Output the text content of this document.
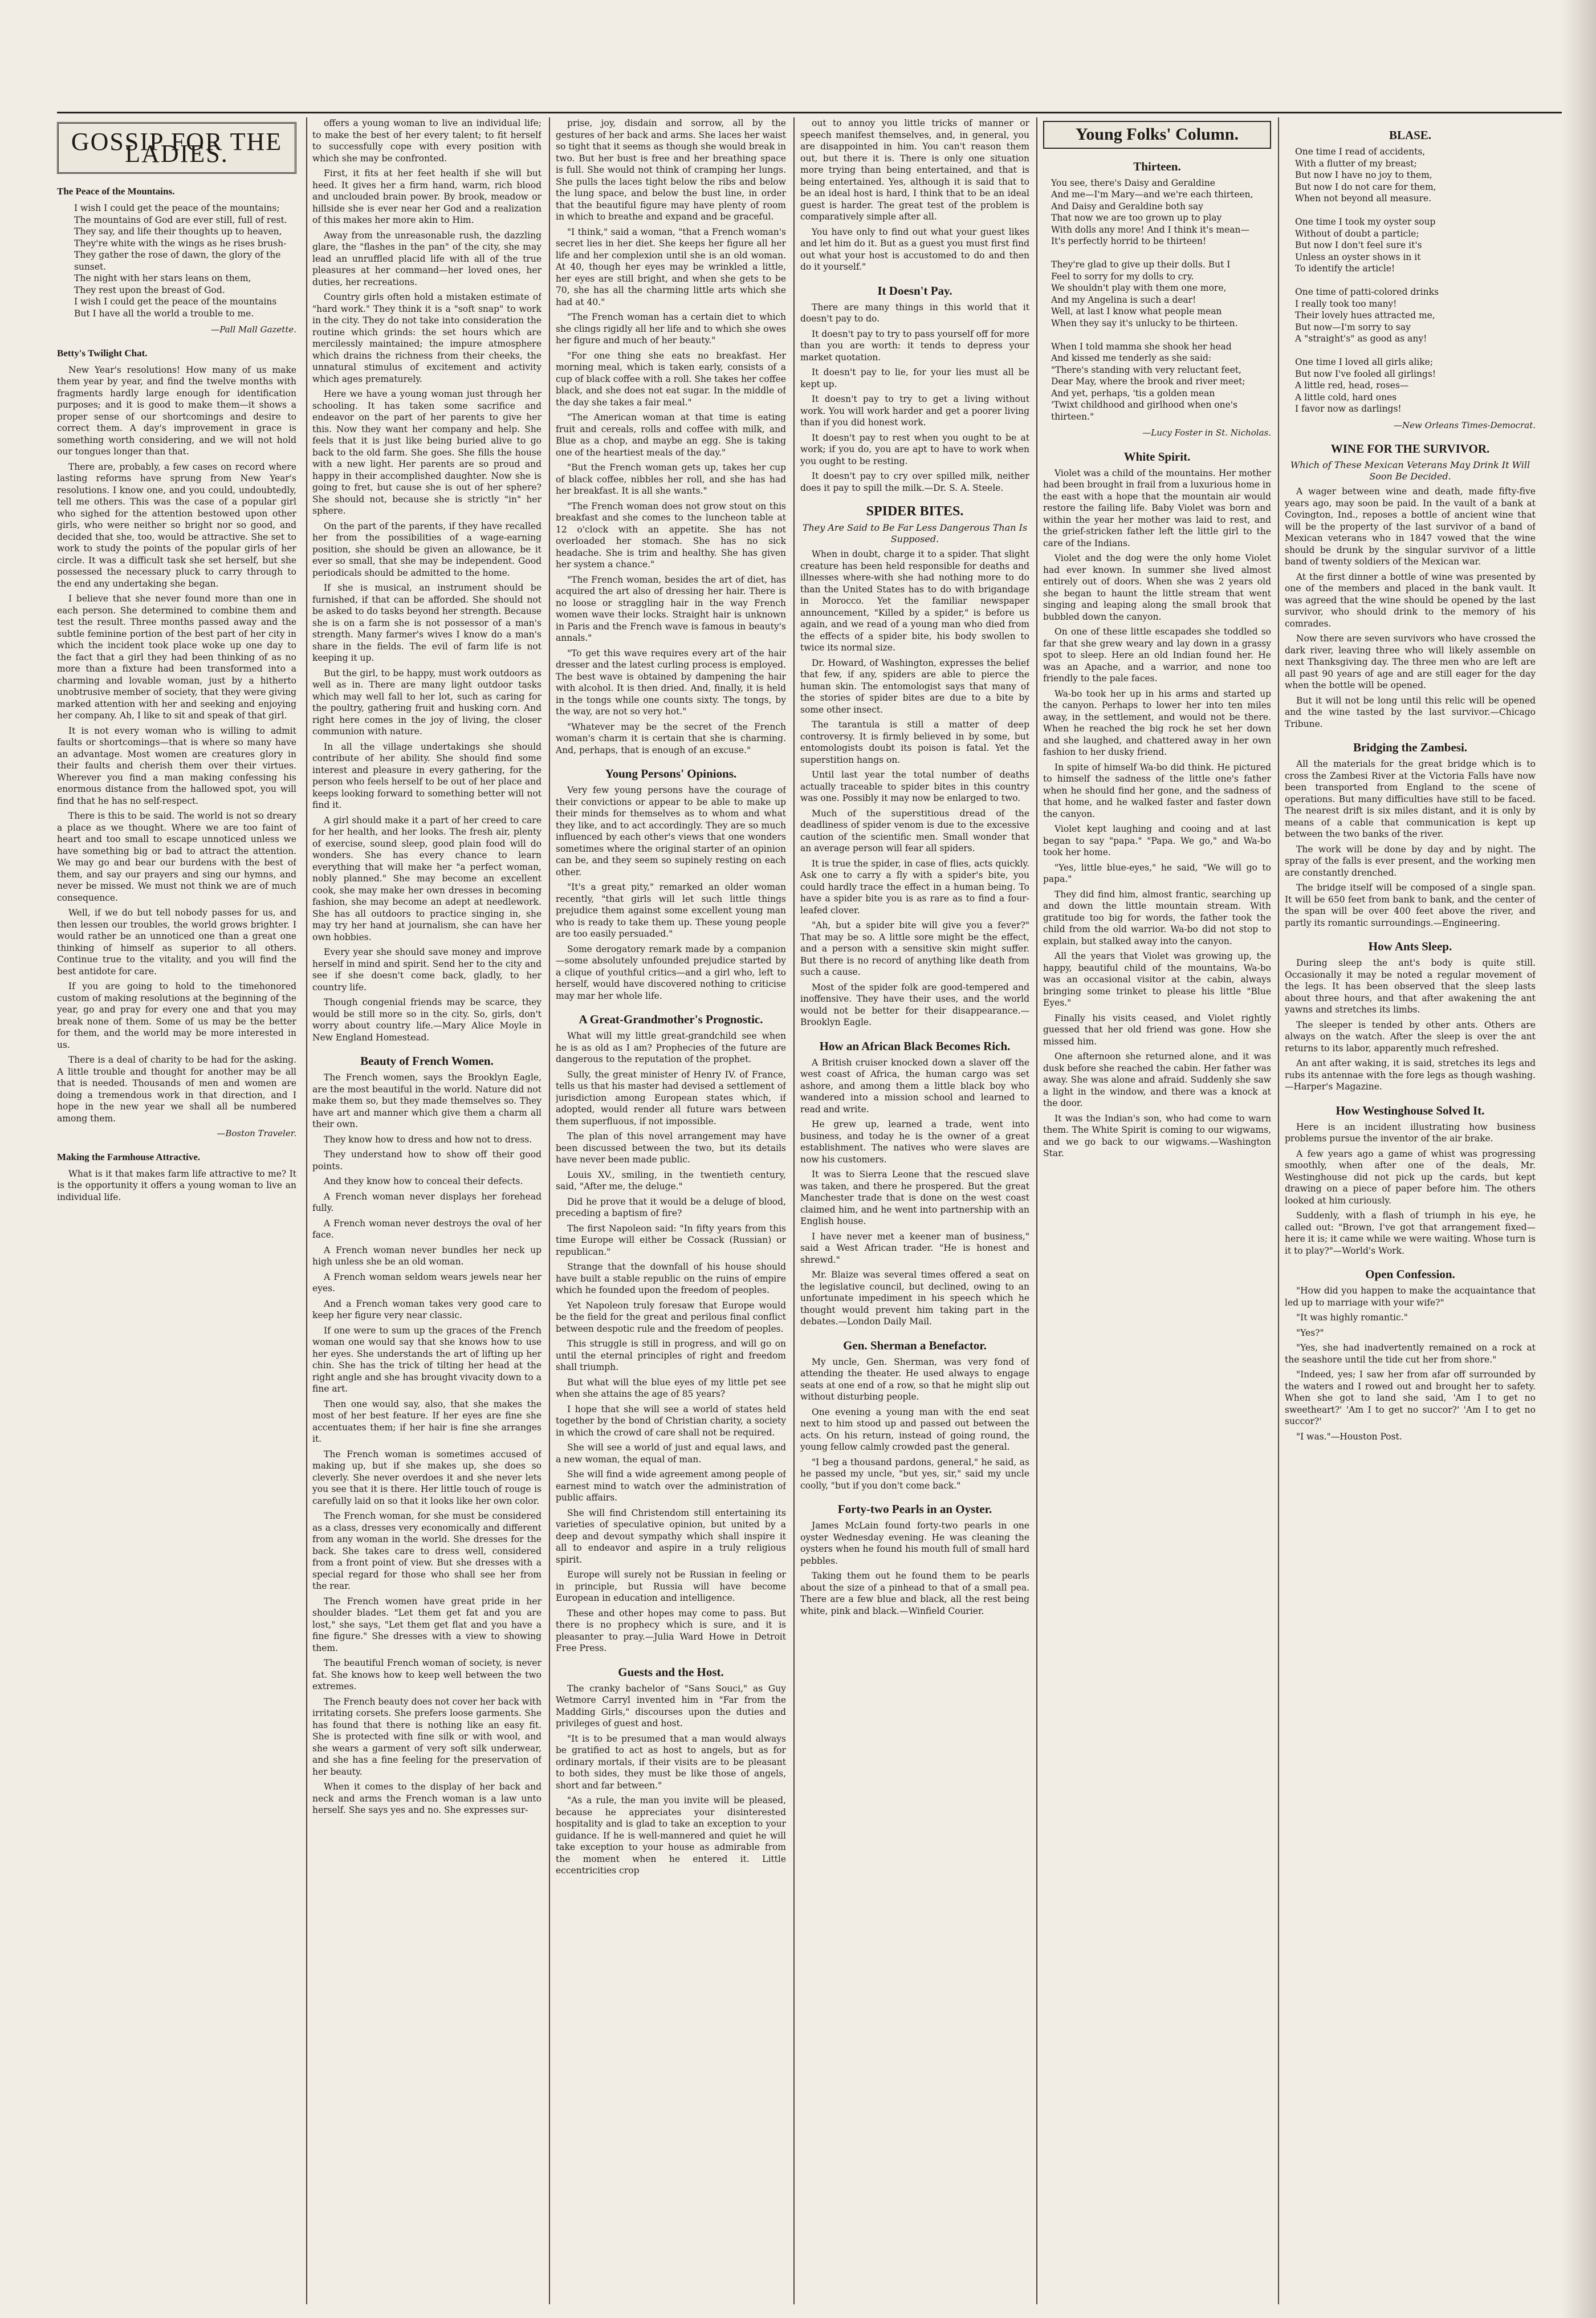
GOSSIP FOR THE LADIES.
The Peace of the Mountains.
I wish I could get the peace of the mountains;
The mountains of God are ever still, full of rest.
They say, and life their thoughts up to heaven,
They're white with the wings as he rises brush-
They gather the rose of dawn, the glory of the sunset.
The night with her stars leans on them,
They rest upon the breast of God.
I wish I could get the peace of the mountains
But I have all the world a trouble to me.
—Pall Mall Gazette.
Betty's Twilight Chat.

New Year's resolutions! How many of us make them year by year, and find the twelve months with fragments hardly large enough for identification purposes; and it is good to make them—it shows a proper sense of our shortcomings and desire to correct them. A day's improvement in grace is something worth considering, and we will not hold our tongues longer than that.

There are, probably, a few cases on record where lasting reforms have sprung from New Year's resolutions. I know one, and you could, undoubtedly, tell me others. This was the case of a popular girl who sighed for the attention bestowed upon other girls, who were neither so bright nor so good, and decided that she, too, would be attractive. She set to work to study the points of the popular girls of her circle. It was a difficult task she set herself, but she possessed the necessary pluck to carry through to the end any undertaking she began.

I believe that she never found more than one in each person. She determined to combine them and test the result. Three months passed away and the subtle feminine portion of the best part of her city in which the incident took place woke up one day to the fact that a girl they had been thinking of as no more than a fixture had been transformed into a charming and lovable woman, just by a hitherto unobtrusive member of society, that they were giving marked attention with her and seeking and enjoying her company. Ah, I like to sit and speak of that girl.

It is not every woman who is willing to admit faults or shortcomings—that is where so many have an advantage. Most women are creatures glory in their faults and cherish them over their virtues. Wherever you find a man making confessing his enormous distance from the hallowed spot, you will find that he has no self-respect.

There is this to be said. The world is not so dreary a place as we thought. Where we are too faint of heart and too small to escape unnoticed unless we have something big or bad to attract the attention. We may go and bear our burdens with the best of them, and say our prayers and sing our hymns, and never be missed. We must not think we are of much consequence.

Well, if we do but tell nobody passes for us, and then lessen our troubles, the world grows brighter. I would rather be an unnoticed one than a great one thinking of himself as superior to all others. Continue true to the vitality, and you will find the best antidote for care.

If you are going to hold to the timehonored custom of making resolutions at the beginning of the year, go and pray for every one and that you may break none of them. Some of us may be the better for them, and the world may be more interested in us.

There is a deal of charity to be had for the asking. A little trouble and thought for another may be all that is needed. Thousands of men and women are doing a tremendous work in that direction, and I hope in the new year we shall all be numbered among them.

—Boston Traveler.
Making the Farmhouse Attractive.

What is it that makes farm life attractive to me? It is the opportunity it offers a young woman to live an individual life.

offers a young woman to live an individual life; to make the best of her every talent; to fit herself to successfully cope with every position with which she may be confronted.

First, it fits at her feet health if she will but heed. It gives her a firm hand, warm, rich blood and unclouded brain power. By brook, meadow or hillside she is ever near her God and a realization of this makes her more akin to Him.

Away from the unreasonable rush, the dazzling glare, the "flashes in the pan" of the city, she may lead an unruffled placid life with all of the true pleasures at her command—her loved ones, her duties, her recreations.

Country girls often hold a mistaken estimate of "hard work." They think it is a "soft snap" to work in the city. They do not take into consideration the routine which grinds: the set hours which are mercilessly maintained; the impure atmosphere which drains the richness from their cheeks, the unnatural stimulus of excitement and activity which ages prematurely.

Here we have a young woman just through her schooling. It has taken some sacrifice and endeavor on the part of her parents to give her this. Now they want her company and help. She feels that it is just like being buried alive to go back to the old farm. She goes. She fills the house with a new light. Her parents are so proud and happy in their accomplished daughter. Now she is going to fret, but cause she is out of her sphere? She should not, because she is strictly "in" her sphere.

On the part of the parents, if they have recalled her from the possibilities of a wage-earning position, she should be given an allowance, be it ever so small, that she may be independent. Good periodicals should be admitted to the home.

If she is musical, an instrument should be furnished, if that can be afforded. She should not be asked to do tasks beyond her strength. Because she is on a farm she is not possessor of a man's strength. Many farmer's wives I know do a man's share in the fields. The evil of farm life is not keeping it up.

But the girl, to be happy, must work outdoors as well as in. There are many light outdoor tasks which may well fall to her lot, such as caring for the poultry, gathering fruit and husking corn. And right here comes in the joy of living, the closer communion with nature.

In all the village undertakings she should contribute of her ability. She should find some interest and pleasure in every gathering, for the person who feels herself to be out of her place and keeps looking forward to something better will not find it.

A girl should make it a part of her creed to care for her health, and her looks. The fresh air, plenty of exercise, sound sleep, good plain food will do wonders. She has every chance to learn everything that will make her "a perfect woman, nobly planned." She may become an excellent cook, she may make her own dresses in becoming fashion, she may become an adept at needlework. She has all outdoors to practice singing in, she may try her hand at journalism, she can have her own hobbies.

Every year she should save money and improve herself in mind and spirit. Send her to the city and see if she doesn't come back, gladly, to her country life.

Though congenial friends may be scarce, they would be still more so in the city. So, girls, don't worry about country life.—Mary Alice Moyle in New England Homestead.

Beauty of French Women.

The French women, says the Brooklyn Eagle, are the most beautiful in the world. Nature did not make them so, but they made themselves so. They have art and manner which give them a charm all their own.

They know how to dress and how not to dress.

They understand how to show off their good points.

And they know how to conceal their defects.

A French woman never displays her forehead fully.

A French woman never destroys the oval of her face.

A French woman never bundles her neck up high unless she be an old woman.

A French woman seldom wears jewels near her eyes.

And a French woman takes very good care to keep her figure very near classic.

If one were to sum up the graces of the French woman one would say that she knows how to use her eyes. She understands the art of lifting up her chin. She has the trick of tilting her head at the right angle and she has brought vivacity down to a fine art.

Then one would say, also, that she makes the most of her best feature. If her eyes are fine she accentuates them; if her hair is fine she arranges it.

The French woman is sometimes accused of making up, but if she makes up, she does so cleverly. She never overdoes it and she never lets you see that it is there. Her little touch of rouge is carefully laid on so that it looks like her own color.

The French woman, for she must be considered as a class, dresses very economically and different from any woman in the world. She dresses for the back. She takes care to dress well, considered from a front point of view. But she dresses with a special regard for those who shall see her from the rear.

The French women have great pride in her shoulder blades. "Let them get fat and you are lost," she says, "Let them get flat and you have a fine figure." She dresses with a view to showing them.

The beautiful French woman of society, is never fat. She knows how to keep well between the two extremes.

The French beauty does not cover her back with irritating corsets. She prefers loose garments. She has found that there is nothing like an easy fit. She is protected with fine silk or with wool, and she wears a garment of very soft silk underwear, and she has a fine feeling for the preservation of her beauty.

When it comes to the display of her back and neck and arms the French woman is a law unto herself. She says yes and no. She expresses sur-

prise, joy, disdain and sorrow, all by the gestures of her back and arms. She laces her waist so tight that it seems as though she would break in two. But her bust is free and her breathing space is full. She would not think of cramping her lungs. She pulls the laces tight below the ribs and below the lung space, and below the bust line, in order that the beautiful figure may have plenty of room in which to breathe and expand and be graceful.

"I think," said a woman, "that a French woman's secret lies in her diet. She keeps her figure all her life and her complexion until she is an old woman. At 40, though her eyes may be wrinkled a little, her eyes are still bright, and when she gets to be 70, she has all the charming little arts which she had at 40."

"The French woman has a certain diet to which she clings rigidly all her life and to which she owes her figure and much of her beauty."

"For one thing she eats no breakfast. Her morning meal, which is taken early, consists of a cup of black coffee with a roll. She takes her coffee black, and she does not eat sugar. In the middle of the day she takes a fair meal."

"The American woman at that time is eating fruit and cereals, rolls and coffee with milk, and Blue as a chop, and maybe an egg. She is taking one of the heartiest meals of the day."

"But the French woman gets up, takes her cup of black coffee, nibbles her roll, and she has had her breakfast. It is all she wants."

"The French woman does not grow stout on this breakfast and she comes to the luncheon table at 12 o'clock with an appetite. She has not overloaded her stomach. She has no sick headache. She is trim and healthy. She has given her system a chance."

"The French woman, besides the art of diet, has acquired the art also of dressing her hair. There is no loose or straggling hair in the way French women wave their locks. Straight hair is unknown in Paris and the French wave is famous in beauty's annals."

"To get this wave requires every art of the hair dresser and the latest curling process is employed. The best wave is obtained by dampening the hair with alcohol. It is then dried. And, finally, it is held in the tongs while one counts sixty. The tongs, by the way, are not so very hot."

"Whatever may be the secret of the French woman's charm it is certain that she is charming. And, perhaps, that is enough of an excuse."

Young Persons' Opinions.

Very few young persons have the courage of their convictions or appear to be able to make up their minds for themselves as to whom and what they like, and to act accordingly. They are so much influenced by each other's views that one wonders sometimes where the original starter of an opinion can be, and they seem so supinely resting on each other.

"It's a great pity," remarked an older woman recently, "that girls will let such little things prejudice them against some excellent young man who is ready to take them up. These young people are too easily persuaded."

Some derogatory remark made by a companion—some absolutely unfounded prejudice started by a clique of youthful critics—and a girl who, left to herself, would have discovered nothing to criticise may mar her whole life.

A Great-Grandmother's Prognostic.

What will my little great-grandchild see when he is as old as I am? Prophecies of the future are dangerous to the reputation of the prophet.

Sully, the great minister of Henry IV. of France, tells us that his master had devised a settlement of jurisdiction among European states which, if adopted, would render all future wars between them superfluous, if not impossible.

The plan of this novel arrangement may have been discussed between the two, but its details have never been made public.

Louis XV., smiling, in the twentieth century, said, "After me, the deluge."

Did he prove that it would be a deluge of blood, preceding a baptism of fire?

The first Napoleon said: "In fifty years from this time Europe will either be Cossack (Russian) or republican."

Strange that the downfall of his house should have built a stable republic on the ruins of empire which he founded upon the freedom of peoples.

Yet Napoleon truly foresaw that Europe would be the field for the great and perilous final conflict between despotic rule and the freedom of peoples.

This struggle is still in progress, and will go on until the eternal principles of right and freedom shall triumph.

But what will the blue eyes of my little pet see when she attains the age of 85 years?

I hope that she will see a world of states held together by the bond of Christian charity, a society in which the crowd of care shall not be required.

She will see a world of just and equal laws, and a new woman, the equal of man.

She will find a wide agreement among people of earnest mind to watch over the administration of public affairs.

She will find Christendom still entertaining its varieties of speculative opinion, but united by a deep and devout sympathy which shall inspire it all to endeavor and aspire in a truly religious spirit.

Europe will surely not be Russian in feeling or in principle, but Russia will have become European in education and intelligence.

These and other hopes may come to pass. But there is no prophecy which is sure, and it is pleasanter to pray.—Julia Ward Howe in Detroit Free Press.

Guests and the Host.

The cranky bachelor of "Sans Souci," as Guy Wetmore Carryl invented him in "Far from the Madding Girls," discourses upon the duties and privileges of guest and host.

"It is to be presumed that a man would always be gratified to act as host to angels, but as for ordinary mortals, if their visits are to be pleasant to both sides, they must be like those of angels, short and far between."

"As a rule, the man you invite will be pleased, because he appreciates your disinterested hospitality and is glad to take an exception to your guidance. If he is well-mannered and quiet he will take exception to your house as admirable from the moment when he entered it. Little eccentricities crop

out to annoy you little tricks of manner or speech manifest themselves, and, in general, you are disappointed in him. You can't reason them out, but there it is. There is only one situation more trying than being entertained, and that is being entertained. Yes, although it is said that to be an ideal host is hard, I think that to be an ideal guest is harder. The great test of the problem is comparatively simple after all.

You have only to find out what your guest likes and let him do it. But as a guest you must first find out what your host is accustomed to do and then do it yourself."

It Doesn't Pay.

There are many things in this world that it doesn't pay to do.

It doesn't pay to try to pass yourself off for more than you are worth: it tends to depress your market quotation.

It doesn't pay to lie, for your lies must all be kept up.

It doesn't pay to try to get a living without work. You will work harder and get a poorer living than if you did honest work.

It doesn't pay to rest when you ought to be at work; if you do, you are apt to have to work when you ought to be resting.

It doesn't pay to cry over spilled milk, neither does it pay to spill the milk.—Dr. S. A. Steele.

SPIDER BITES.
They Are Said to Be Far Less Dangerous Than Is Supposed.

When in doubt, charge it to a spider. That slight creature has been held responsible for deaths and illnesses where-with she had nothing more to do than the United States has to do with brigandage in Morocco. Yet the familiar newspaper announcement, "Killed by a spider," is before us again, and we read of a young man who died from the effects of a spider bite, his body swollen to twice its normal size.

Dr. Howard, of Washington, expresses the belief that few, if any, spiders are able to pierce the human skin. The entomologist says that many of the stories of spider bites are due to a bite by some other insect.

The tarantula is still a matter of deep controversy. It is firmly believed in by some, but entomologists doubt its poison is fatal. Yet the superstition hangs on.

Until last year the total number of deaths actually traceable to spider bites in this country was one. Possibly it may now be enlarged to two.

Much of the superstitious dread of the deadliness of spider venom is due to the excessive caution of the scientific men. Small wonder that an average person will fear all spiders.

It is true the spider, in case of flies, acts quickly. Ask one to carry a fly with a spider's bite, you could hardly trace the effect in a human being. To have a spider bite you is as rare as to find a four-leafed clover.

"Ah, but a spider bite will give you a fever?" That may be so. A little sore might be the effect, and a person with a sensitive skin might suffer. But there is no record of anything like death from such a cause.

Most of the spider folk are good-tempered and inoffensive. They have their uses, and the world would not be better for their disappearance.—Brooklyn Eagle.

How an African Black Becomes Rich.

A British cruiser knocked down a slaver off the west coast of Africa, the human cargo was set ashore, and among them a little black boy who wandered into a mission school and learned to read and write.

He grew up, learned a trade, went into business, and today he is the owner of a great establishment. The natives who were slaves are now his customers.

It was to Sierra Leone that the rescued slave was taken, and there he prospered. But the great Manchester trade that is done on the west coast claimed him, and he went into partnership with an English house.

I have never met a keener man of business," said a West African trader. "He is honest and shrewd."

Mr. Blaize was several times offered a seat on the legislative council, but declined, owing to an unfortunate impediment in his speech which he thought would prevent him taking part in the debates.—London Daily Mail.

Gen. Sherman a Benefactor.

My uncle, Gen. Sherman, was very fond of attending the theater. He used always to engage seats at one end of a row, so that he might slip out without disturbing people.

One evening a young man with the end seat next to him stood up and passed out between the acts. On his return, instead of going round, the young fellow calmly crowded past the general.

"I beg a thousand pardons, general," he said, as he passed my uncle, "but yes, sir," said my uncle coolly, "but if you don't come back."

Forty-two Pearls in an Oyster.

James McLain found forty-two pearls in one oyster Wednesday evening. He was cleaning the oysters when he found his mouth full of small hard pebbles.

Taking them out he found them to be pearls about the size of a pinhead to that of a small pea. There are a few blue and black, all the rest being white, pink and black.—Winfield Courier.

Young Folks' Column.
Thirteen.
You see, there's Daisy and Geraldine
And me—I'm Mary—and we're each thirteen,
And Daisy and Geraldine both say
That now we are too grown up to play
With dolls any more! And I think it's mean—
It's perfectly horrid to be thirteen!

They're glad to give up their dolls. But I
Feel to sorry for my dolls to cry.
We shouldn't play with them one more,
And my Angelina is such a dear!
Well, at last I know what people mean
When they say it's unlucky to be thirteen.

When I told mamma she shook her head
And kissed me tenderly as she said:
"There's standing with very reluctant feet,
Dear May, where the brook and river meet;
And yet, perhaps, 'tis a golden mean
'Twixt childhood and girlhood when one's thirteen."
—Lucy Foster in St. Nicholas.
White Spirit.

Violet was a child of the mountains. Her mother had been brought in frail from a luxurious home in the east with a hope that the mountain air would restore the failing life. Baby Violet was born and within the year her mother was laid to rest, and the grief-stricken father left the little girl to the care of the Indians.

Violet and the dog were the only home Violet had ever known. In summer she lived almost entirely out of doors. When she was 2 years old she began to haunt the little stream that went singing and leaping along the small brook that bubbled down the canyon.

On one of these little escapades she toddled so far that she grew weary and lay down in a grassy spot to sleep. Here an old Indian found her. He was an Apache, and a warrior, and none too friendly to the pale faces.

Wa-bo took her up in his arms and started up the canyon. Perhaps to lower her into ten miles away, in the settlement, and would not be there. When he reached the big rock he set her down and she laughed, and chattered away in her own fashion to her dusky friend.

In spite of himself Wa-bo did think. He pictured to himself the sadness of the little one's father when he should find her gone, and the sadness of that home, and he walked faster and faster down the canyon.

Violet kept laughing and cooing and at last began to say "papa." "Papa. We go," and Wa-bo took her home.

"Yes, little blue-eyes," he said, "We will go to papa."

They did find him, almost frantic, searching up and down the little mountain stream. With gratitude too big for words, the father took the child from the old warrior. Wa-bo did not stop to explain, but stalked away into the canyon.

All the years that Violet was growing up, the happy, beautiful child of the mountains, Wa-bo was an occasional visitor at the cabin, always bringing some trinket to please his little "Blue Eyes."

Finally his visits ceased, and Violet rightly guessed that her old friend was gone. How she missed him.

One afternoon she returned alone, and it was dusk before she reached the cabin. Her father was away. She was alone and afraid. Suddenly she saw a light in the window, and there was a knock at the door.

It was the Indian's son, who had come to warn them. The White Spirit is coming to our wigwams, and we go back to our wigwams.—Washington Star.

BLASE.
One time I read of accidents,
With a flutter of my breast;
But now I have no joy to them,
But now I do not care for them,
When not beyond all measure.

One time I took my oyster soup
Without of doubt a particle;
But now I don't feel sure it's
Unless an oyster shows in it
To identify the article!

One time of patti-colored drinks
I really took too many!
Their lovely hues attracted me,
But now—I'm sorry to say
A "straight's" as good as any!

One time I loved all girls alike;
But now I've fooled all girlings!
A little red, head, roses—
A little cold, hard ones
I favor now as darlings!
—New Orleans Times-Democrat.
WINE FOR THE SURVIVOR.
Which of These Mexican Veterans May Drink It Will Soon Be Decided.

A wager between wine and death, made fifty-five years ago, may soon be paid. In the vault of a bank at Covington, Ind., reposes a bottle of ancient wine that will be the property of the last survivor of a band of Mexican veterans who in 1847 vowed that the wine should be drunk by the singular survivor of a little band of twenty soldiers of the Mexican war.

At the first dinner a bottle of wine was presented by one of the members and placed in the bank vault. It was agreed that the wine should be opened by the last survivor, who should drink to the memory of his comrades.

Now there are seven survivors who have crossed the dark river, leaving three who will likely assemble on next Thanksgiving day. The three men who are left are all past 90 years of age and are still eager for the day when the bottle will be opened.

But it will not be long until this relic will be opened and the wine tasted by the last survivor.—Chicago Tribune.

Bridging the Zambesi.

All the materials for the great bridge which is to cross the Zambesi River at the Victoria Falls have now been transported from England to the scene of operations. But many difficulties have still to be faced. The nearest drift is six miles distant, and it is only by means of a cable that communication is kept up between the two banks of the river.

The work will be done by day and by night. The spray of the falls is ever present, and the working men are constantly drenched.

The bridge itself will be composed of a single span. It will be 650 feet from bank to bank, and the center of the span will be over 400 feet above the river, and partly its romantic surroundings.—Engineering.

How Ants Sleep.

During sleep the ant's body is quite still. Occasionally it may be noted a regular movement of the legs. It has been observed that the sleep lasts about three hours, and that after awakening the ant yawns and stretches its limbs.

The sleeper is tended by other ants. Others are always on the watch. After the sleep is over the ant returns to its labor, apparently much refreshed.

An ant after waking, it is said, stretches its legs and rubs its antennae with the fore legs as though washing.—Harper's Magazine.

How Westinghouse Solved It.

Here is an incident illustrating how business problems pursue the inventor of the air brake.

A few years ago a game of whist was progressing smoothly, when after one of the deals, Mr. Westinghouse did not pick up the cards, but kept drawing on a piece of paper before him. The others looked at him curiously.

Suddenly, with a flash of triumph in his eye, he called out: "Brown, I've got that arrangement fixed—here it is; it came while we were waiting. Whose turn is it to play?"—World's Work.

Open Confession.

"How did you happen to make the acquaintance that led up to marriage with your wife?"

"It was highly romantic."

"Yes?"

"Yes, she had inadvertently remained on a rock at the seashore until the tide cut her from shore."

"Indeed, yes; I saw her from afar off surrounded by the waters and I rowed out and brought her to safety. When she got to land she said, 'Am I to get no sweetheart?' 'Am I to get no succor?' 'Am I to get no succor?'

"I was."—Houston Post.
